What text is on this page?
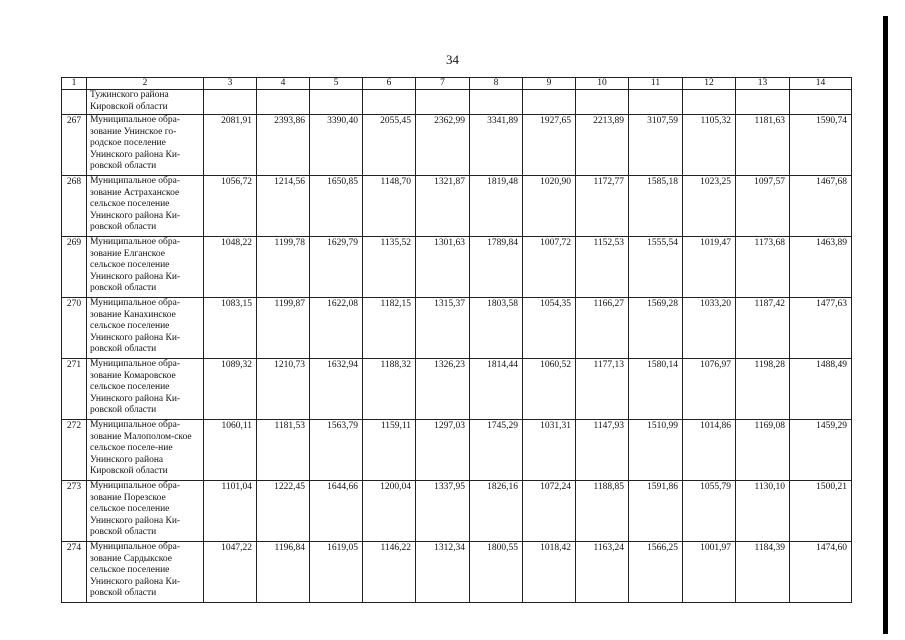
34
1	2	3	4	5	6	7	8	9	10	11	12	13	14
	Тужинского района Кировской области												
267	Муниципальное обра-зование Унинское го-родское поселение Унинского района Ки-ровской области	2081,91	2393,86	3390,40	2055,45	2362,99	3341,89	1927,65	2213,89	3107,59	1105,32	1181,63	1590,74
268	Муниципальное обра-зование Астраханское сельское поселение Унинского района Ки-ровской области	1056,72	1214,56	1650,85	1148,70	1321,87	1819,48	1020,90	1172,77	1585,18	1023,25	1097,57	1467,68
269	Муниципальное обра-зование Елганское сельское поселение Унинского района Ки-ровской области	1048,22	1199,78	1629,79	1135,52	1301,63	1789,84	1007,72	1152,53	1555,54	1019,47	1173,68	1463,89
270	Муниципальное обра-зование Канахинское сельское поселение Унинского района Ки-ровской области	1083,15	1199,87	1622,08	1182,15	1315,37	1803,58	1054,35	1166,27	1569,28	1033,20	1187,42	1477,63
271	Муниципальное обра-зование Комаровское сельское поселение Унинского района Ки-ровской области	1089,32	1210,73	1632,94	1188,32	1326,23	1814,44	1060,52	1177,13	1580,14	1076,97	1198,28	1488,49
272	Муниципальное обра-зование Малополом-ское сельское поселе-ние Унинского района Кировской области	1060,11	1181,53	1563,79	1159,11	1297,03	1745,29	1031,31	1147,93	1510,99	1014,86	1169,08	1459,29
273	Муниципальное обра-зование Порезское сельское поселение Унинского района Ки-ровской области	1101,04	1222,45	1644,66	1200,04	1337,95	1826,16	1072,24	1188,85	1591,86	1055,79	1130,10	1500,21
274	Муниципальное обра-зование Сардыкское сельское поселение Унинского района Ки-ровской области	1047,22	1196,84	1619,05	1146,22	1312,34	1800,55	1018,42	1163,24	1566,25	1001,97	1184,39	1474,60
